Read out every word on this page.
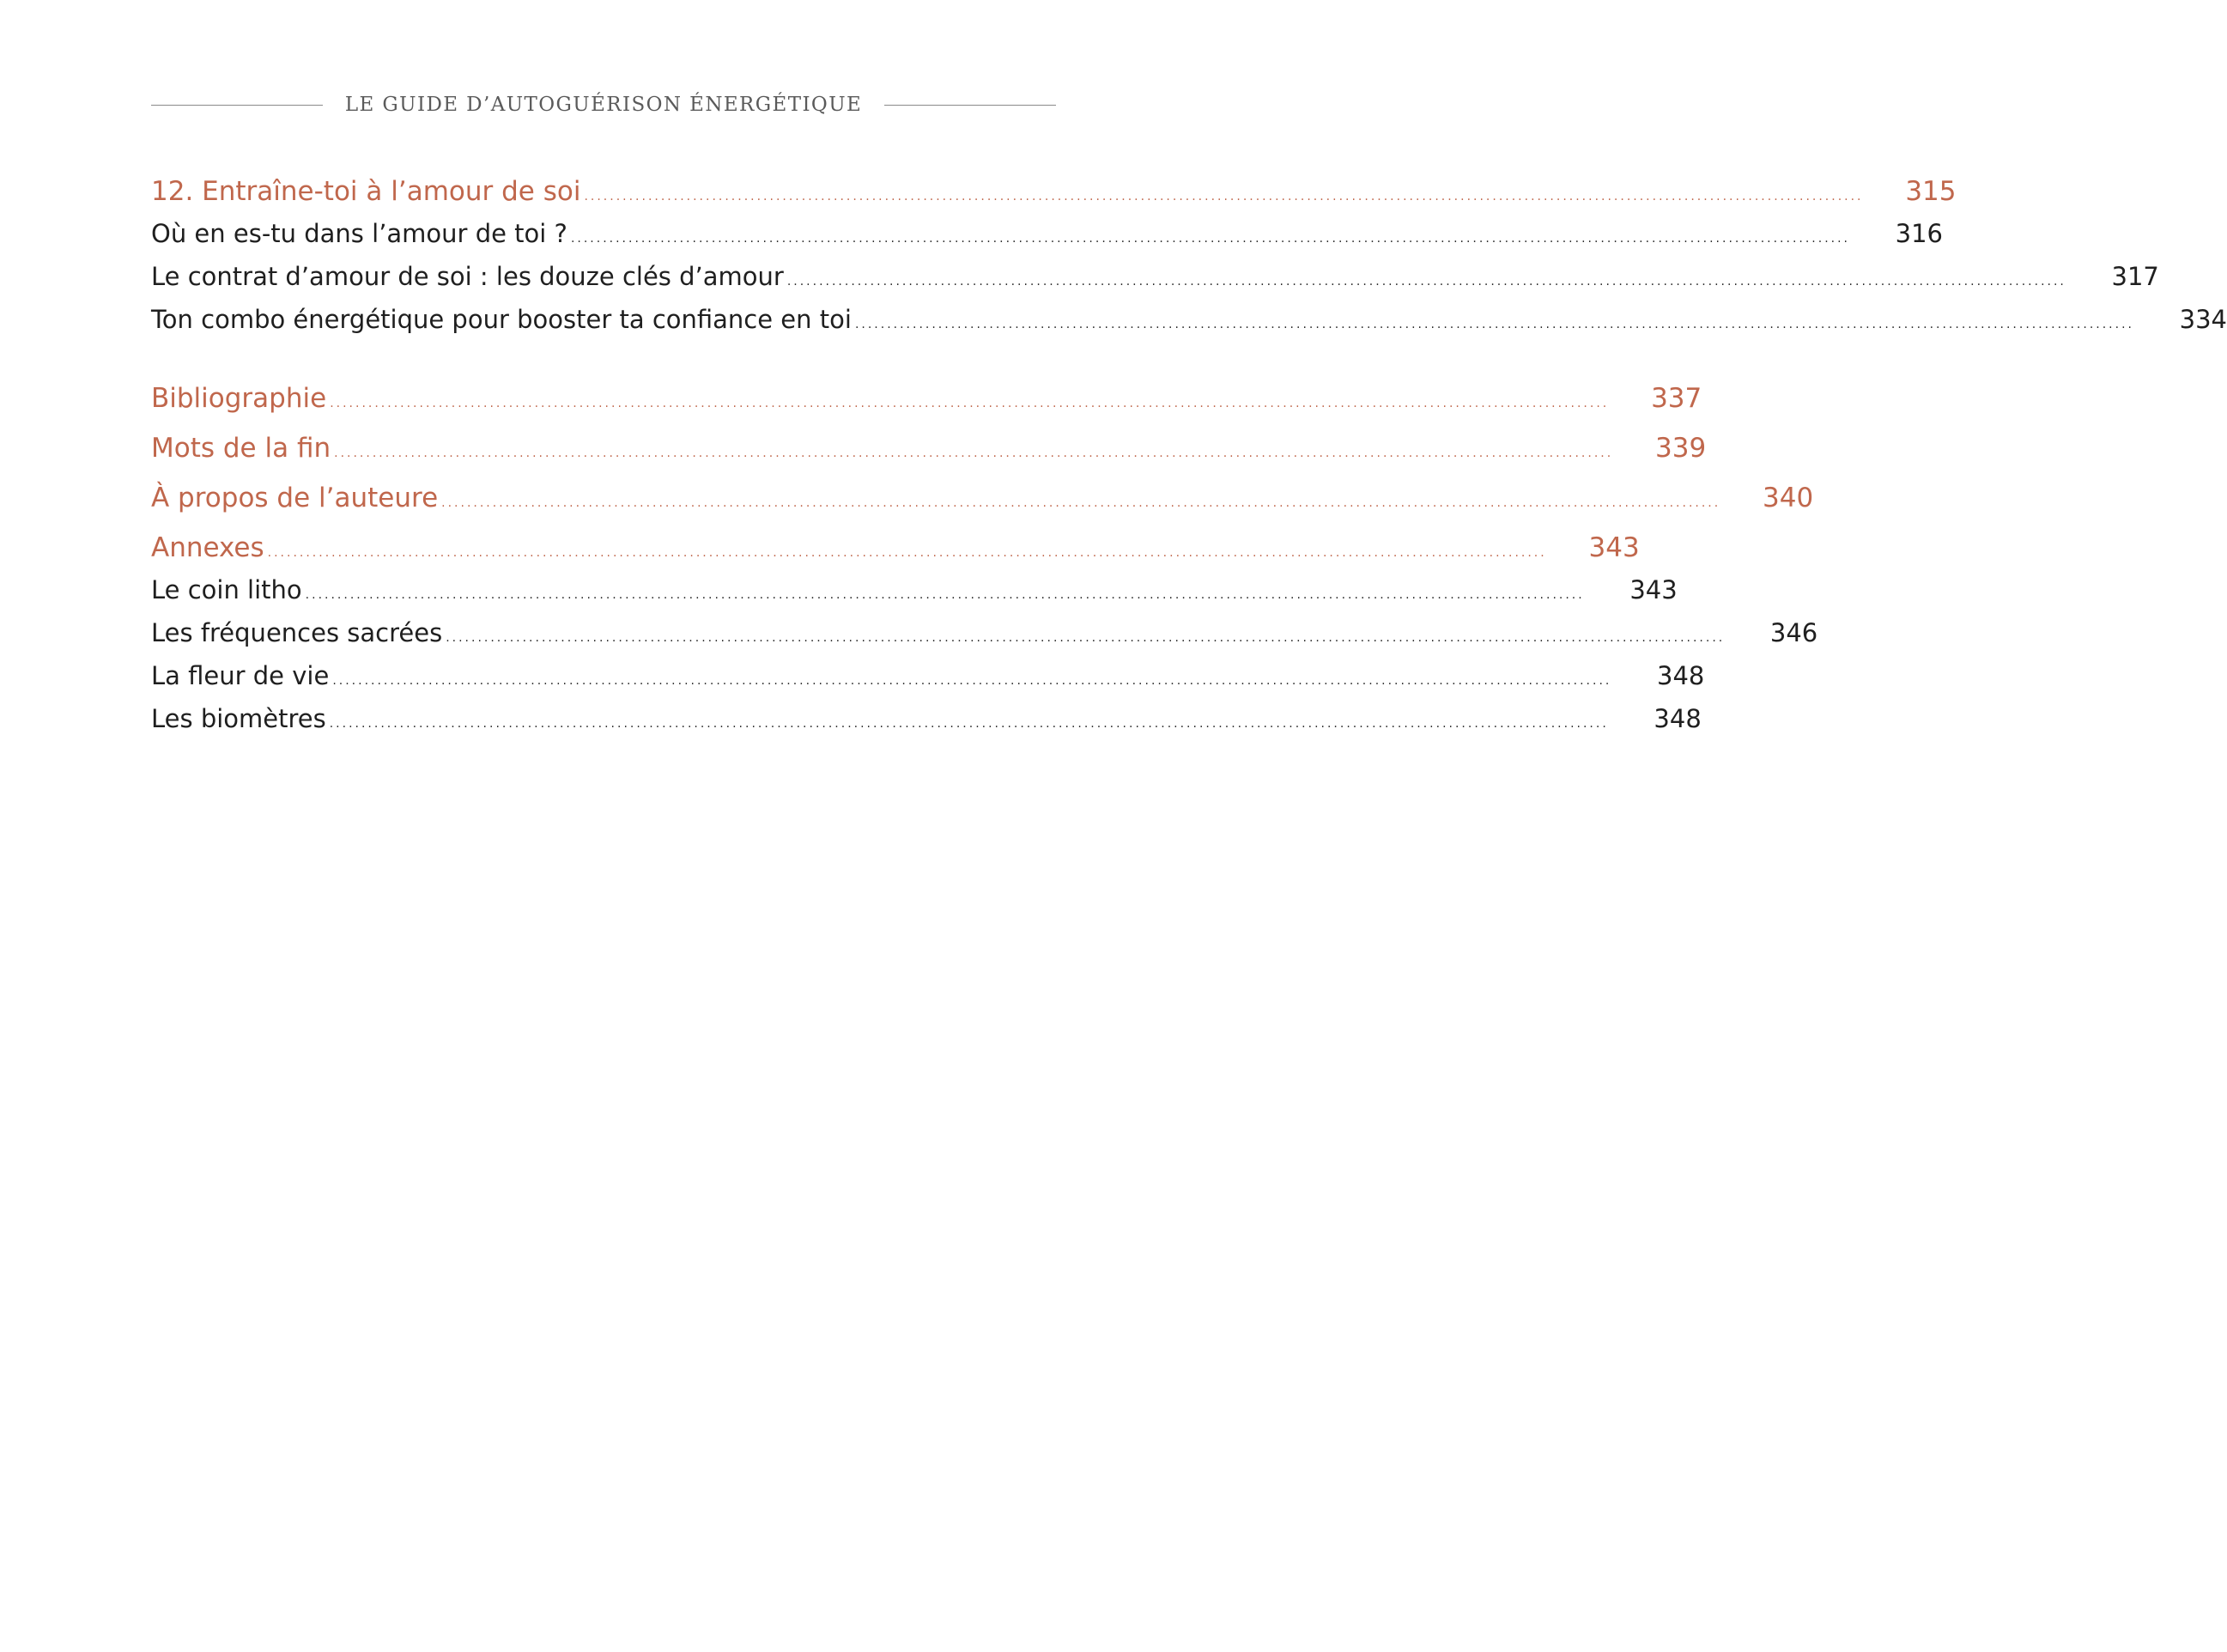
LE GUIDE D’AUTOGUÉRISON ÉNERGÉTIQUE
12. Entraîne-toi à l’amour de soi ........................................................................................................................................................................................................	315
Où en es-tu dans l’amour de toi ? ........................................................................................................................................................................................................	316
Le contrat d’amour de soi : les douze clés d’amour ........................................................................................................................................................................................................	317
Ton combo énergétique pour booster ta confiance en toi ........................................................................................................................................................................................................	334
Bibliographie ........................................................................................................................................................................................................	337
Mots de la fin ........................................................................................................................................................................................................	339
À propos de l’auteure ........................................................................................................................................................................................................	340
Annexes ........................................................................................................................................................................................................	343
Le coin litho ........................................................................................................................................................................................................	343
Les fréquences sacrées ........................................................................................................................................................................................................	346
La fleur de vie ........................................................................................................................................................................................................	348
Les biomètres ........................................................................................................................................................................................................	348
